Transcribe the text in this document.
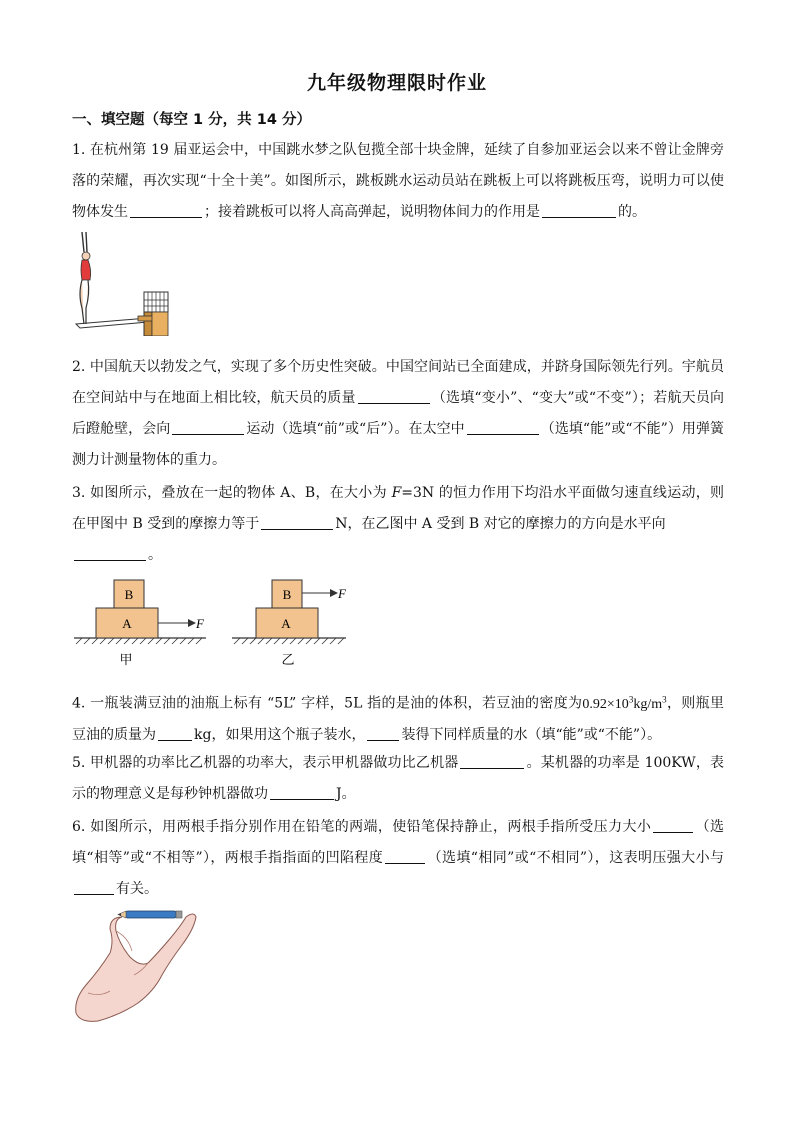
九年级物理限时作业
一、填空题（每空 1 分，共 14 分）
1. 在杭州第 19 届亚运会中，中国跳水梦之队包揽全部十块金牌，延续了自参加亚运会以来不曾让金牌旁落的荣耀，再次实现“十全十美”。如图所示，跳板跳水运动员站在跳板上可以将跳板压弯，说明力可以使物体发生	；接着跳板可以将人高高弹起，说明物体间力的作用是	的。
2. 中国航天以勃发之气，实现了多个历史性突破。中国空间站已全面建成，并跻身国际领先行列。宇航员在空间站中与在地面上相比较，航天员的质量	（选填“变小”、“变大”或“不变”）；若航天员向后蹬舱壁，会向	运动（选填“前”或“后”）。在太空中	（选填“能”或“不能”）用弹簧测力计测量物体的重力。
3. 如图所示，叠放在一起的物体 A、B，在大小为 F=3N 的恒力作用下均沿水平面做匀速直线运动，则在甲图中 B 受到的摩擦力等于	N，在乙图中 A 受到 B 对它的摩擦力的方向是水平向
。
B
A	F
甲
B
A
F
乙
4. 一瓶装满豆油的油瓶上标有 “5L” 字样，5L 指的是油的体积，若豆油的密度为$0.92\times 10^3kg/m^3$，则瓶里豆油的质量为	kg，如果用这个瓶子装水，	装得下同样质量的水（填“能”或“不能”）。
5. 甲机器的功率比乙机器的功率大，表示甲机器做功比乙机器	。某机器的功率是 100KW，表示的物理意义是每秒钟机器做功	J。
6. 如图所示，用两根手指分别作用在铅笔的两端，使铅笔保持静止，两根手指所受压力大小	（选填“相等”或“不相等”），两根手指指面的凹陷程度	（选填“相同”或“不相同”），这表明压强大小与有关。
